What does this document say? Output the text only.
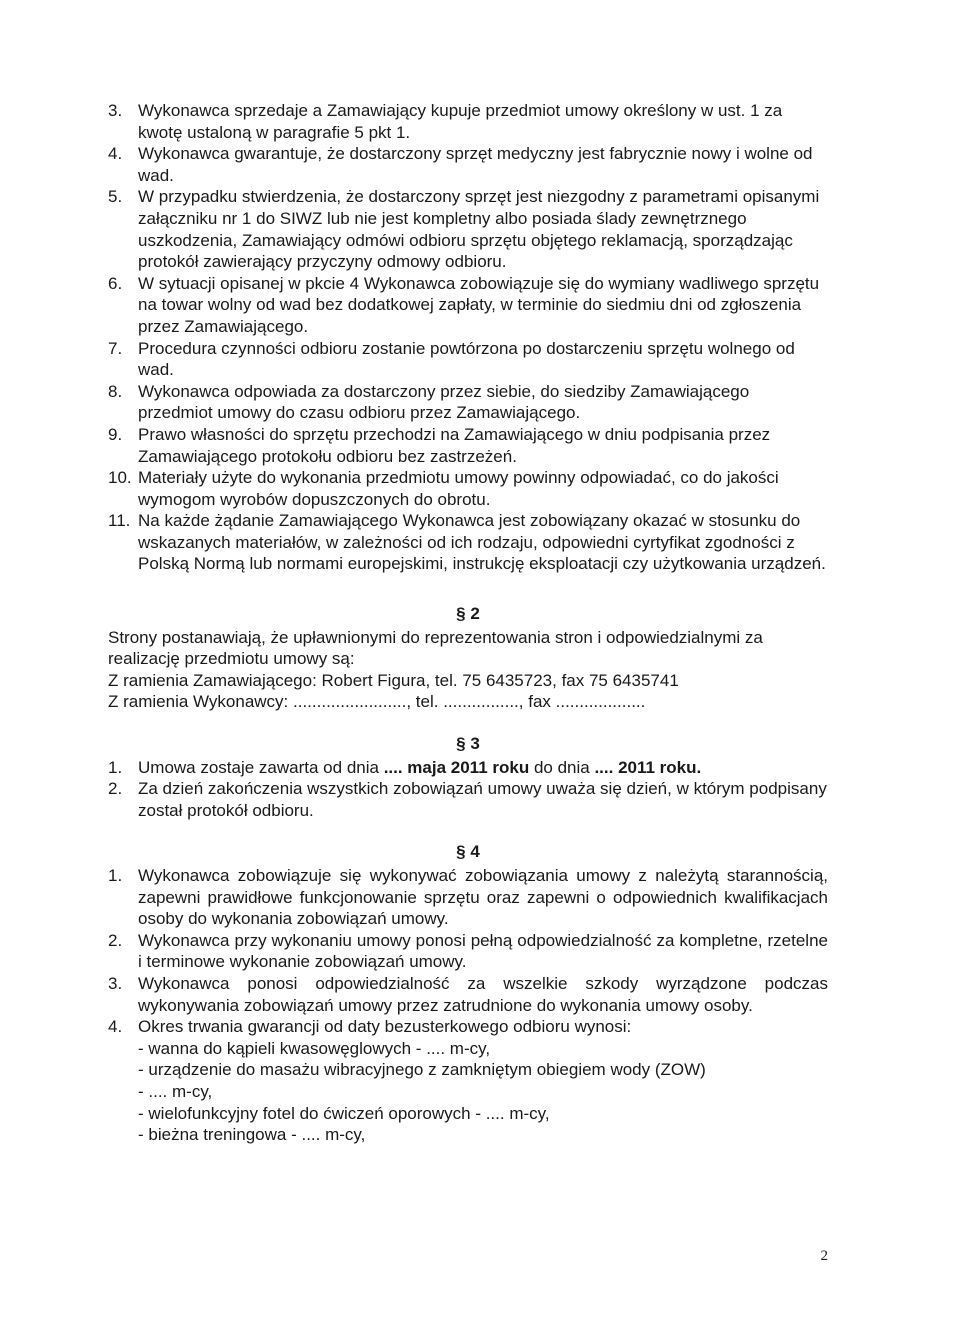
3. Wykonawca sprzedaje a Zamawiający kupuje przedmiot umowy określony w ust. 1 za kwotę ustaloną w paragrafie 5 pkt 1.
4. Wykonawca gwarantuje, że dostarczony sprzęt medyczny jest fabrycznie nowy i wolne od wad.
5. W przypadku stwierdzenia, że dostarczony sprzęt jest niezgodny z parametrami opisanymi załączniku nr 1 do SIWZ lub nie jest kompletny albo posiada ślady zewnętrznego uszkodzenia, Zamawiający odmówi odbioru sprzętu objętego reklamacją, sporządzając protokół zawierający przyczyny odmowy odbioru.
6. W sytuacji opisanej w pkcie 4 Wykonawca zobowiązuje się do wymiany wadliwego sprzętu na towar wolny od wad bez dodatkowej zapłaty, w terminie do siedmiu dni od zgłoszenia przez Zamawiającego.
7. Procedura czynności odbioru zostanie powtórzona po dostarczeniu sprzętu wolnego od wad.
8. Wykonawca odpowiada za dostarczony przez siebie, do siedziby Zamawiającego przedmiot umowy do czasu odbioru przez Zamawiającego.
9. Prawo własności do sprzętu przechodzi na Zamawiającego w dniu podpisania przez Zamawiającego protokołu odbioru bez zastrzeżeń.
10. Materiały użyte do wykonania przedmiotu umowy powinny odpowiadać, co do jakości wymogom wyrobów dopuszczonych do obrotu.
11. Na każde żądanie Zamawiającego Wykonawca jest zobowiązany okazać w stosunku do wskazanych materiałów, w zależności od ich rodzaju, odpowiedni cyrtyfikat zgodności z Polską Normą lub normami europejskimi, instrukcję eksploatacji czy użytkowania urządzeń.
§ 2

Strony postanawiają, że upławnionymi do reprezentowania stron i odpowiedzialnymi za realizację przedmiotu umowy są:

Z ramienia Zamawiającego: Robert Figura, tel. 75 6435723, fax 75 6435741

Z ramienia Wykonawcy: ........................, tel. ................, fax ...................

§ 3
1. Umowa zostaje zawarta od dnia .... maja 2011 roku do dnia .... 2011 roku.
2. Za dzień zakończenia wszystkich zobowiązań umowy uważa się dzień, w którym podpisany został protokół odbioru.
§ 4
1. Wykonawca zobowiązuje się wykonywać zobowiązania umowy z należytą starannością, zapewni prawidłowe funkcjonowanie sprzętu oraz zapewni o odpowiednich kwalifikacjach osoby do wykonania zobowiązań umowy.
2. Wykonawca przy wykonaniu umowy ponosi pełną odpowiedzialność za kompletne, rzetelne i terminowe wykonanie zobowiązań umowy.
3. Wykonawca ponosi odpowiedzialność za wszelkie szkody wyrządzone podczas wykonywania zobowiązań umowy przez zatrudnione do wykonania umowy osoby.
4. Okres trwania gwarancji od daty bezusterkowego odbioru wynosi:
- wanna do kąpieli kwasowęglowych - .... m-cy,
- urządzenie do masażu wibracyjnego z zamkniętym obiegiem wody (ZOW)
- .... m-cy,
- wielofunkcyjny fotel do ćwiczeń oporowych - .... m-cy,
- bieżna treningowa - .... m-cy,
2
